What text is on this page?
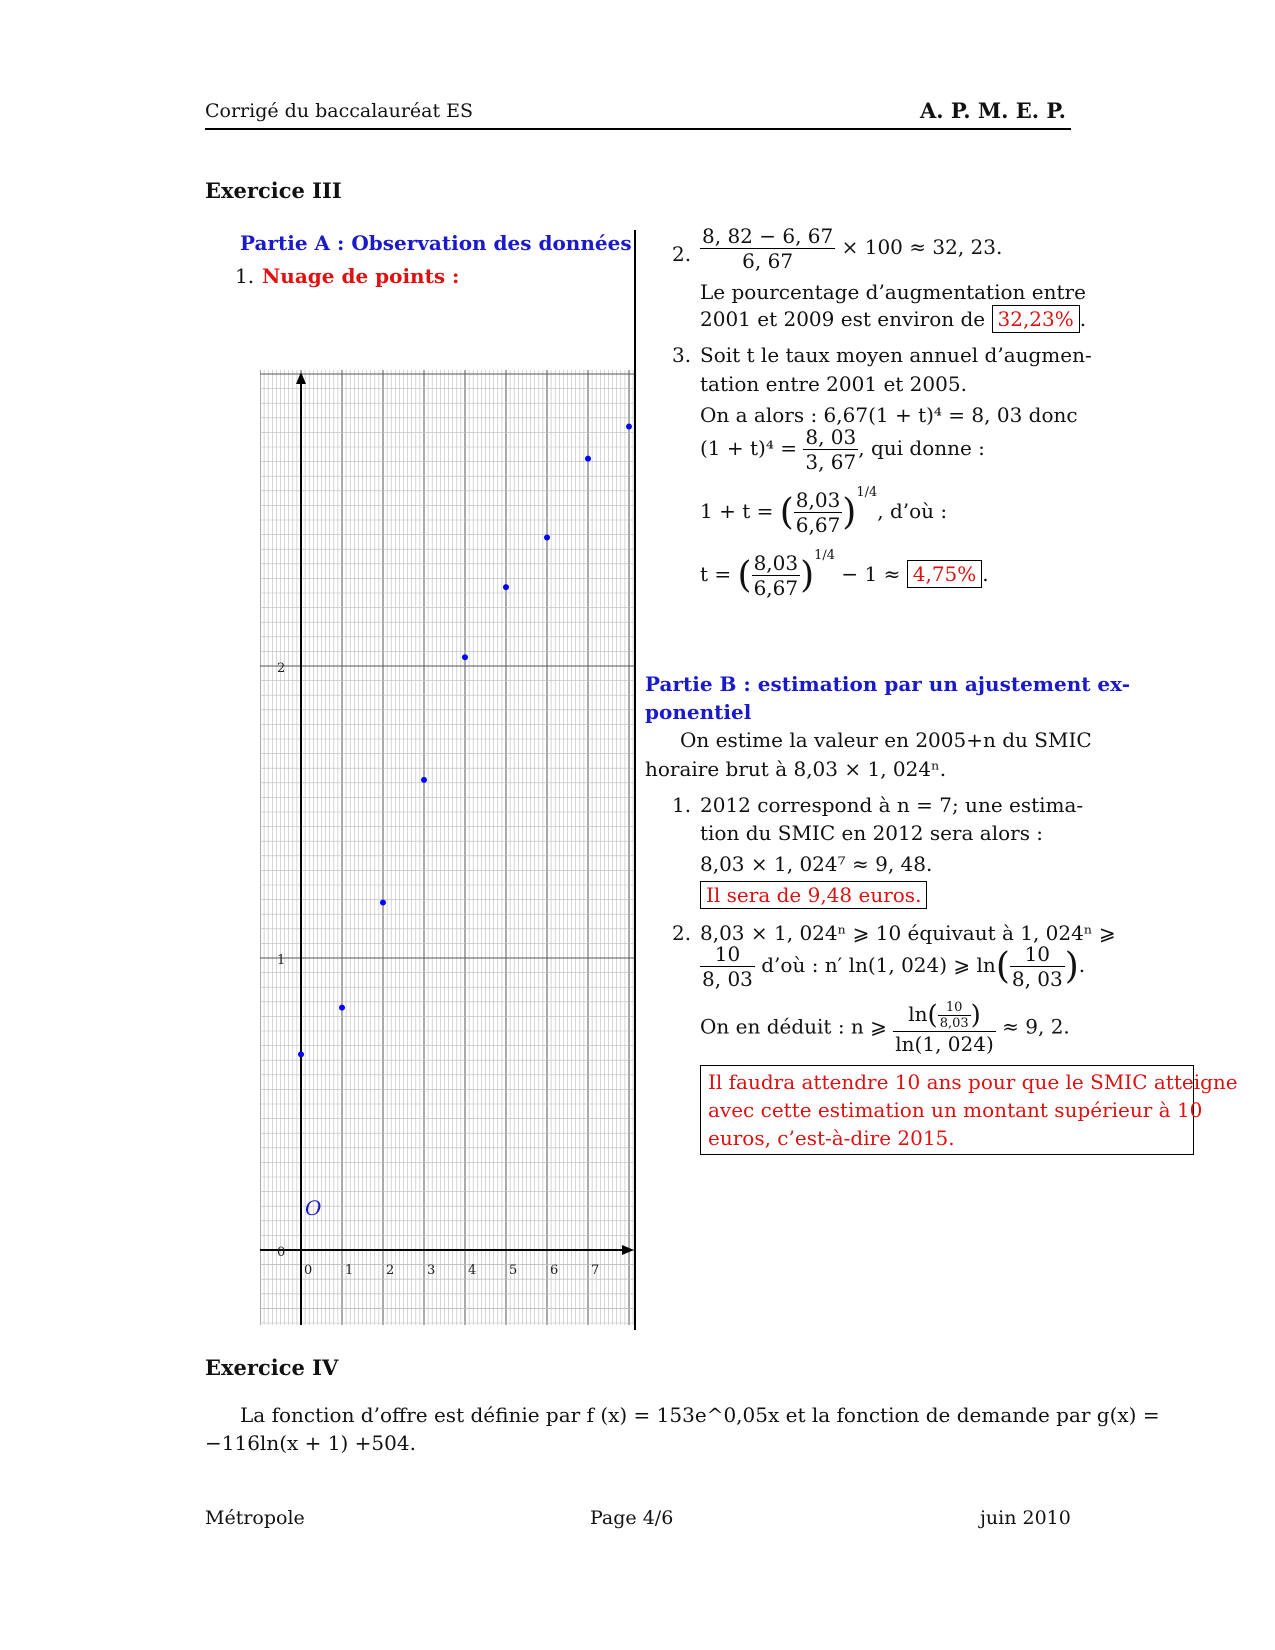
Corrigé du baccalauréat ES	A. P. M. E. P.
Exercice III
Partie A : Observation des données
1. Nuage de points :
0	1	2	3	4	5	6	7
0
1
2
O
2. $\frac{8, 82 - 6, 67}{6, 67} \times 100 \approx 32$, 23.
Le pourcentage d’augmentation entre
2001 et 2009 est environ de 32,23% .
3. Soit t le taux moyen annuel d’augmen-
tation entre 2001 et 2005.
On a alors : 6,67(1 + t)⁴ = 8, 03 donc
$(1 + t)^4 = \frac{8, 03}{3, 67}$ , qui donne :
1 + t = ( $\frac{8,03}{6,67} )^{1/4}$, d’où :
t = ( $\frac{8,03}{6,67} )^{1/4} - 1 \approx 4,75\%$ .
Partie B : estimation par un ajustement ex-
ponentiel
On estime la valeur en 2005+n du SMIC
horaire brut à 8,03 × 1, 024ⁿ.
1. 2012 correspond à n = 7; une estima-
tion du SMIC en 2012 sera alors :
8,03 × 1, 024⁷ ≈ 9, 48.
Il sera de 9,48 euros.
2. 8,03 × 1, 024ⁿ ⩾ 10 équivaut à 1, 024ⁿ ⩾
$\frac{10}{8, 03}$ d’où : n′ ln(1, 024) ⩾ $\ln( \frac{10}{8, 03}$ ).
On en déduit : n ⩾ $\frac{\ln( \frac{10}{8,03} )}{\ln(1, 024)} \approx 9$, 2.
Il faudra attendre 10 ans pour que le SMIC atteigne
avec cette estimation un montant supérieur à 10
euros, c’est-à-dire 2015.
Exercice IV
La fonction d’offre est définie par f (x) = 153e^0,05x et la fonction de demande par g(x) =
−116ln(x + 1) +504.
Métropole	Page 4/6	juin 2010
